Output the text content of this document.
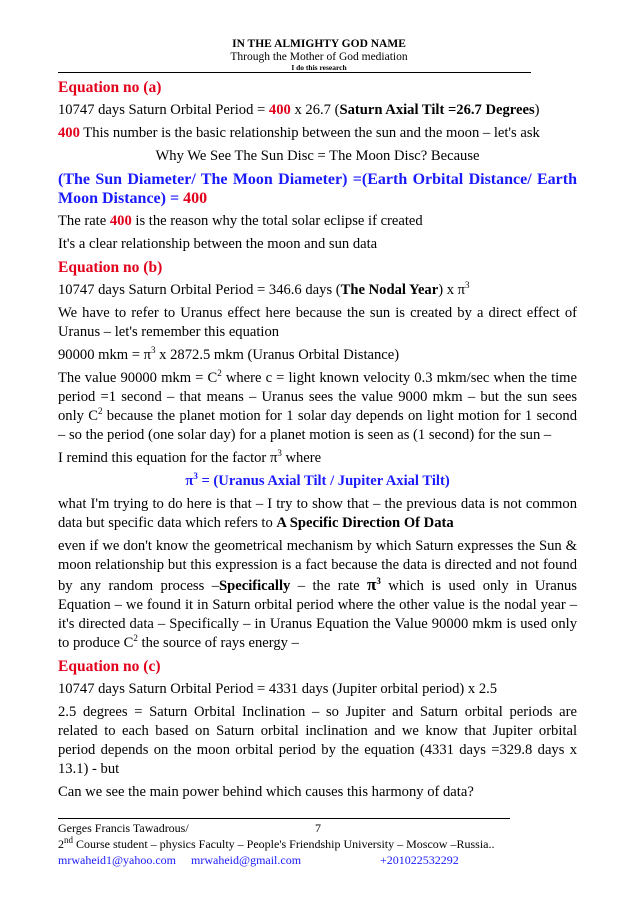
IN THE ALMIGHTY GOD NAME
Through the Mother of God mediation
I do this research

Equation no (a)

10747 days Saturn Orbital Period = 400 x 26.7 (Saturn Axial Tilt =26.7 Degrees)

400 This number is the basic relationship between the sun and the moon – let's ask

Why We See The Sun Disc = The Moon Disc? Because

(The Sun Diameter/ The Moon Diameter) =(Earth Orbital Distance/ Earth Moon Distance) = 400

The rate 400 is the reason why the total solar eclipse if created

It's a clear relationship between the moon and sun data

Equation no (b)

10747 days Saturn Orbital Period = 346.6 days (The Nodal Year) x $\pi^3$

We have to refer to Uranus effect here because the sun is created by a direct effect of Uranus – let's remember this equation

90000 mkm = $\pi^3$ x 2872.5 mkm (Uranus Orbital Distance)

The value 90000 mkm = $C^2$ where c = light known velocity 0.3 mkm/sec when the time period =1 second – that means – Uranus sees the value 9000 mkm – but the sun sees only $C^2$ because the planet motion for 1 solar day depends on light motion for 1 second – so the period (one solar day) for a planet motion is seen as (1 second) for the sun –

I remind this equation for the factor $\pi^3$ where

$\pi^3$ = (Uranus Axial Tilt / Jupiter Axial Tilt)

what I'm trying to do here is that – I try to show that – the previous data is not common data but specific data which refers to A Specific Direction Of Data

even if we don't know the geometrical mechanism by which Saturn expresses the Sun & moon relationship but this expression is a fact because the data is directed and not found by any random process –Specifically – the rate $\pi^3$ which is used only in Uranus Equation – we found it in Saturn orbital period where the other value is the nodal year – it's directed data – Specifically – in Uranus Equation the Value 90000 mkm is used only to produce $C^2$ the source of rays energy –

Equation no (c)

10747 days Saturn Orbital Period = 4331 days (Jupiter orbital period) x 2.5

2.5 degrees = Saturn Orbital Inclination – so Jupiter and Saturn orbital periods are related to each based on Saturn orbital inclination and we know that Jupiter orbital period depends on the moon orbital period by the equation (4331 days =329.8 days x 13.1) - but

Can we see the main power behind which causes this harmony of data?

Gerges Francis Tawadrous/	7
2nd Course student – physics Faculty – People's Friendship University – Moscow –Russia..
mrwaheid1@yahoo.com mrwaheid@gmail.com	+201022532292
